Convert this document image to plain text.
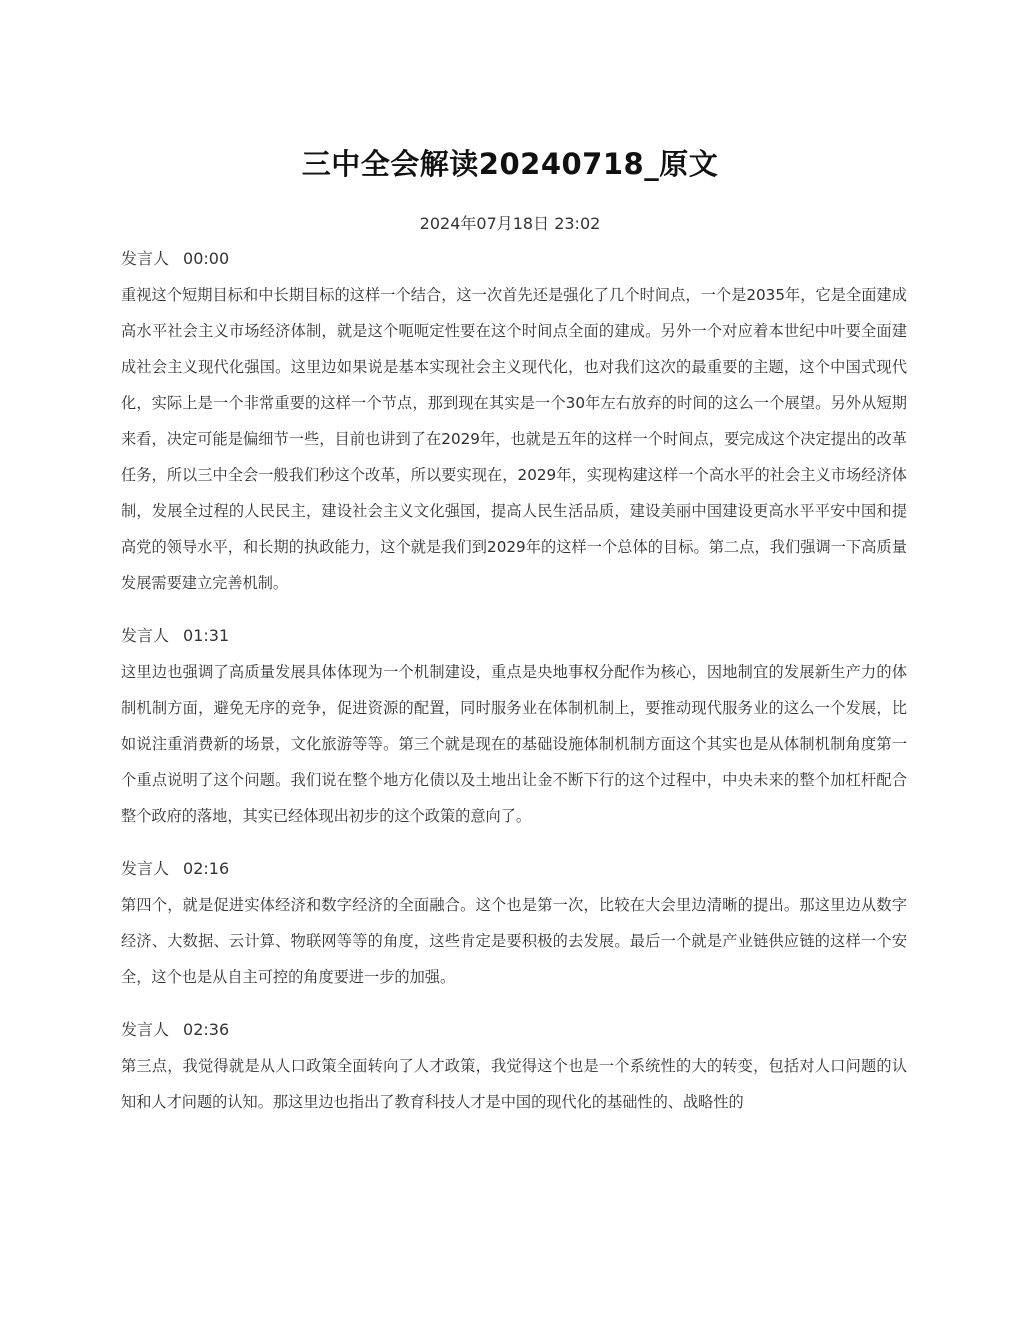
三中全会解读20240718_原文
2024年07月18日 23:02
发言人 00:00

重视这个短期目标和中长期目标的这样一个结合，这一次首先还是强化了几个时间点，一个是2035年，它是全面建成高水平社会主义市场经济体制，就是这个呃呃定性要在这个时间点全面的建成。另外一个对应着本世纪中叶要全面建成社会主义现代化强国。这里边如果说是基本实现社会主义现代化，也对我们这次的最重要的主题，这个中国式现代化，实际上是一个非常重要的这样一个节点，那到现在其实是一个30年左右放弃的时间的这么一个展望。另外从短期来看，决定可能是偏细节一些，目前也讲到了在2029年，也就是五年的这样一个时间点，要完成这个决定提出的改革任务，所以三中全会一般我们秒这个改革，所以要实现在，2029年，实现构建这样一个高水平的社会主义市场经济体制，发展全过程的人民民主，建设社会主义文化强国，提高人民生活品质，建设美丽中国建设更高水平平安中国和提高党的领导水平，和长期的执政能力，这个就是我们到2029年的这样一个总体的目标。第二点，我们强调一下高质量发展需要建立完善机制。

发言人 01:31

这里边也强调了高质量发展具体体现为一个机制建设，重点是央地事权分配作为核心，因地制宜的发展新生产力的体制机制方面，避免无序的竞争，促进资源的配置，同时服务业在体制机制上，要推动现代服务业的这么一个发展，比如说注重消费新的场景，文化旅游等等。第三个就是现在的基础设施体制机制方面这个其实也是从体制机制角度第一个重点说明了这个问题。我们说在整个地方化债以及土地出让金不断下行的这个过程中，中央未来的整个加杠杆配合整个政府的落地，其实已经体现出初步的这个政策的意向了。

发言人 02:16

第四个，就是促进实体经济和数字经济的全面融合。这个也是第一次，比较在大会里边清晰的提出。那这里边从数字经济、大数据、云计算、物联网等等的角度，这些肯定是要积极的去发展。最后一个就是产业链供应链的这样一个安全，这个也是从自主可控的角度要进一步的加强。

发言人 02:36

第三点，我觉得就是从人口政策全面转向了人才政策，我觉得这个也是一个系统性的大的转变，包括对人口问题的认知和人才问题的认知。那这里边也指出了教育科技人才是中国的现代化的基础性的、战略性的
